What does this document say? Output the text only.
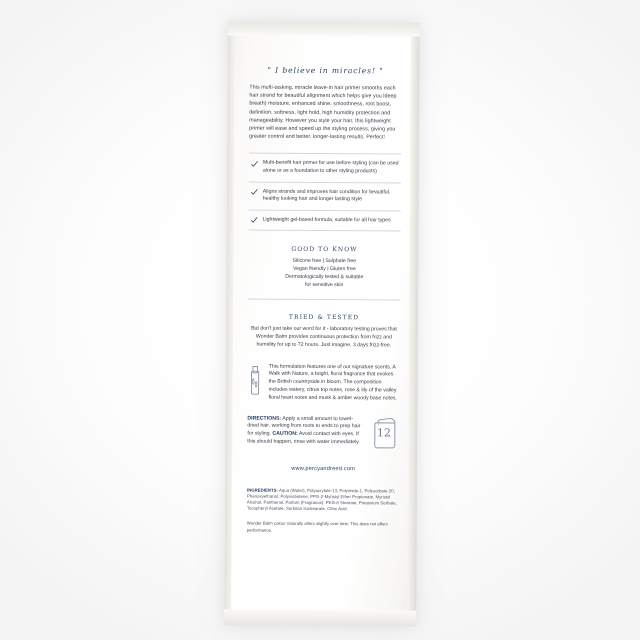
" I believe in miracles! "
This multi-tasking, miracle leave-in hair primer smooths each hair strand for beautiful alignment which helps give you ldeep breath) moisture, enhanced shine, smoothness, root boost, definition, softness, light hold, high humidity protection and manageability. However you style your hair, this lightweight primer will ease and speed up the styling process, giving you greater control and better, longer-lasting results. Perfect!
Multi-benefit hair primer for use before styling (can be used alone or as a foundation to other styling products)
Aligns strands and improves hair condition for beautiful, healthy looking hair and longer lasting style
Lightweight gel-based formula, suitable for all hair types
GOOD TO KNOW
Silicone free | Sulphate free
Vegan friendly | Gluten free
Dermatologically tested & suitable
for sensitive skin
TRIED & TESTED
But don't just take our word for it - laboratory testing proves that Wonder Balm provides continuous protection from frizz and humidity for up to 72 hours. Just imagine, 3 days frizz-free.
This formulation features one of our signature scents, A Walk with Nature, a bright, floral fragrance that evokes the British countryside in bloom. The composition includes watery, citrus top notes, rose & lily of the valley floral heart notes and musk & amber woody base notes.
DIRECTIONS: Apply a small amount to towel-dried hair, working from roots to ends to prep hair for styling. CAUTION: Avoid contact with eyes. If this should happen, rinse with water immediately.
12
www.percyandreed.com
INGREDIENTS: Aqua (Water), Polyacrylate-13, Polyimide-1, Polysorbate-20, Phenoxyethanol, Polyisobutene, PPG-2-Myristyl Ether Propionate, Myristyl Alcohol, Panthenol, Parfum (Fragrance), PEG-8 Stearate, Potassium Sorbate, Tocopheryl Acetate, Sorbitan Isostearate, Citric Acid.
Wonder Balm colour naturally alters slightly over time. This does not affect performance.
